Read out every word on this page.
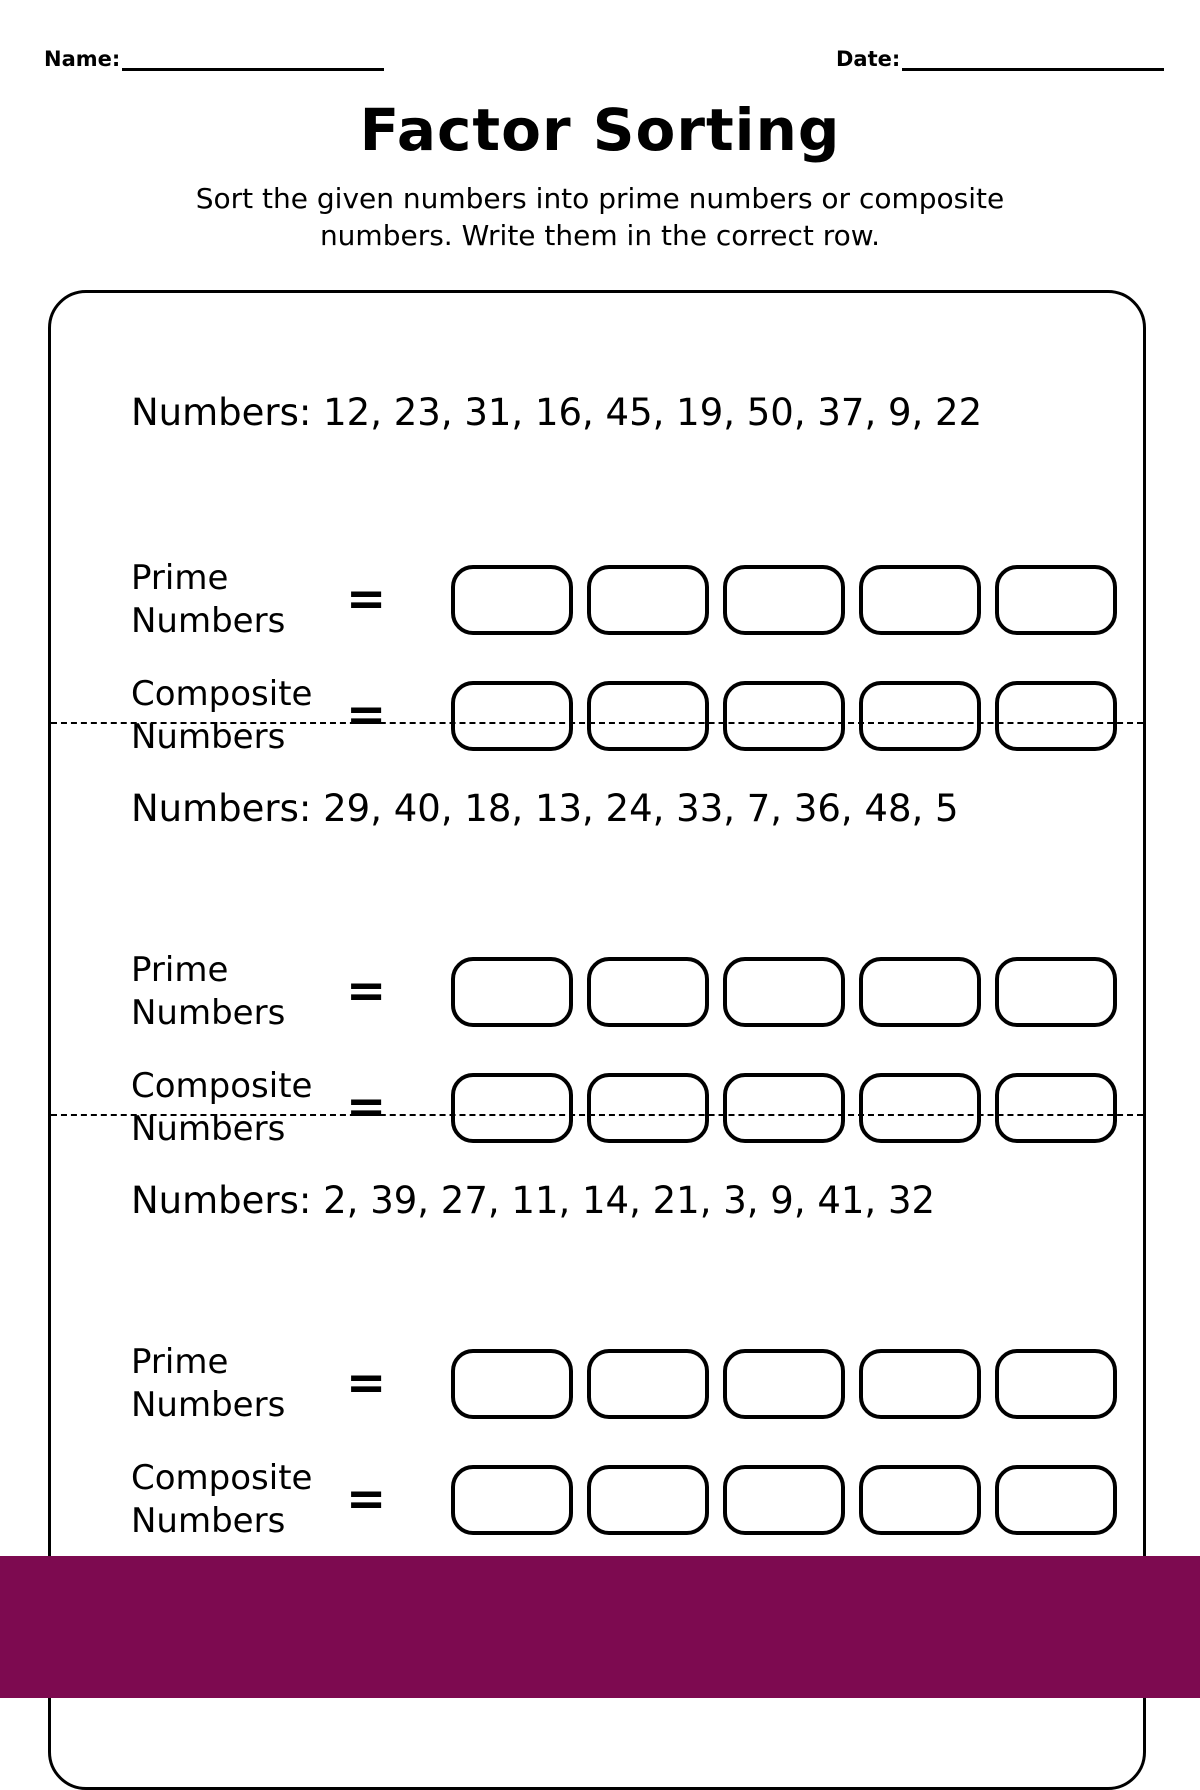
Name:	Date:
Factor Sorting
Sort the given numbers into prime numbers or composite
numbers. Write them in the correct row.
Numbers: 12, 23, 31, 16, 45, 19, 50, 37, 9, 22
Prime
Numbers =
Composite
Numbers	=
Numbers: 29, 40, 18, 13, 24, 33, 7, 36, 48, 5
Prime
Numbers =
Composite
Numbers	=
Numbers: 2, 39, 27, 11, 14, 21, 3, 9, 41, 32
Prime
Numbers =
Composite
Numbers	=
